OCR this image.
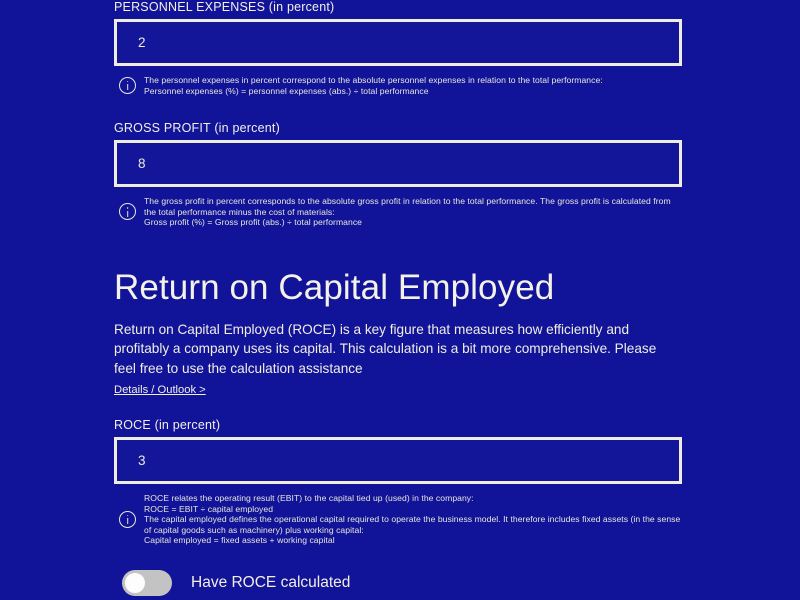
PERSONNEL EXPENSES (in percent)
2

The personnel expenses in percent correspond to the absolute personnel expenses in relation to the total performance:
Personnel expenses (%) = personnel expenses (abs.) ÷ total performance

GROSS PROFIT (in percent)
8

The gross profit in percent corresponds to the absolute gross profit in relation to the total performance. The gross profit is calculated from the total performance minus the cost of materials:
Gross profit (%) = Gross profit (abs.) ÷ total performance

Return on Capital Employed

Return on Capital Employed (ROCE) is a key figure that measures how efficiently and profitably a company uses its capital. This calculation is a bit more comprehensive. Please feel free to use the calculation assistance

Details / Outlook >
ROCE (in percent)
3

ROCE relates the operating result (EBIT) to the capital tied up (used) in the company:
ROCE = EBIT ÷ capital employed
The capital employed defines the operational capital required to operate the business model. It therefore includes fixed assets (in the sense of capital goods such as machinery) plus working capital:
Capital employed = fixed assets + working capital

Have ROCE calculated
